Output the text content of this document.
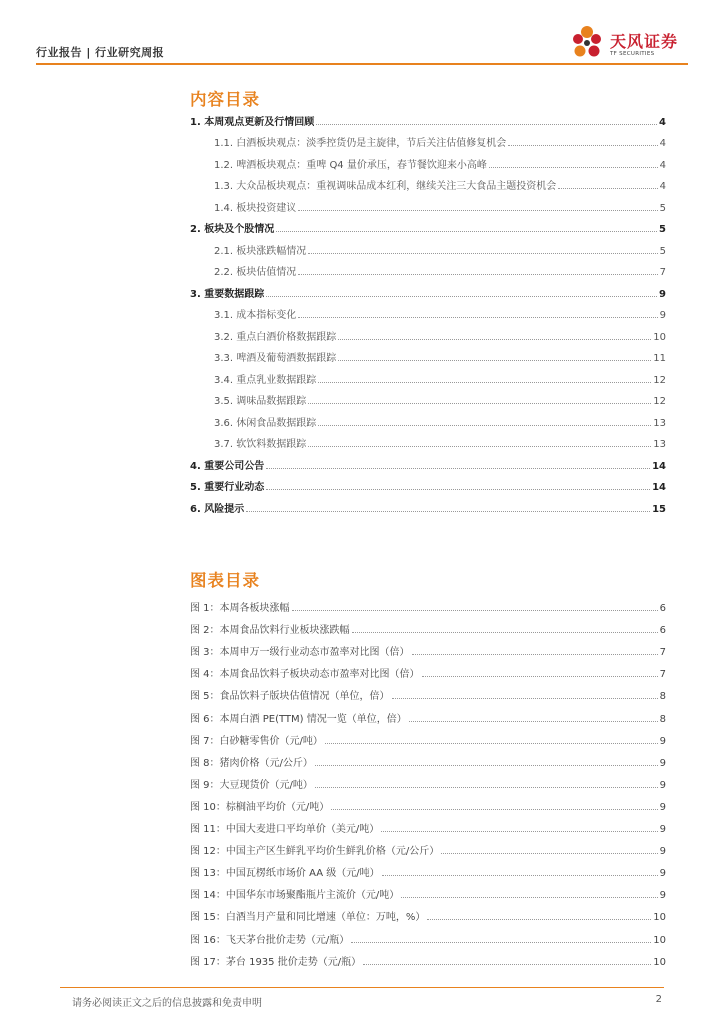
行业报告 | 行业研究周报
天风证券
TF SECURITIES
内容目录
1. 本周观点更新及行情回顾	4
1.1. 白酒板块观点：淡季控货仍是主旋律，节后关注估值修复机会	4
1.2. 啤酒板块观点：重啤 Q4 量价承压，春节餐饮迎来小高峰	4
1.3. 大众品板块观点：重视调味品成本红利，继续关注三大食品主题投资机会	4
1.4. 板块投资建议	5
2. 板块及个股情况	5
2.1. 板块涨跌幅情况	5
2.2. 板块估值情况	7
3. 重要数据跟踪	9
3.1. 成本指标变化	9
3.2. 重点白酒价格数据跟踪	10
3.3. 啤酒及葡萄酒数据跟踪	11
3.4. 重点乳业数据跟踪	12
3.5. 调味品数据跟踪	12
3.6. 休闲食品数据跟踪	13
3.7. 软饮料数据跟踪	13
4. 重要公司公告	14
5. 重要行业动态	14
6. 风险提示	15
图表目录
图 1：本周各板块涨幅	6
图 2：本周食品饮料行业板块涨跌幅	6
图 3：本周申万一级行业动态市盈率对比图（倍）	7
图 4：本周食品饮料子板块动态市盈率对比图（倍）	7
图 5：食品饮料子版块估值情况（单位，倍）	8
图 6：本周白酒 PE(TTM) 情况一览（单位，倍）	8
图 7：白砂糖零售价（元/吨）	9
图 8：猪肉价格（元/公斤）	9
图 9：大豆现货价（元/吨）	9
图 10：棕榈油平均价（元/吨）	9
图 11：中国大麦进口平均单价（美元/吨）	9
图 12：中国主产区生鲜乳平均价生鲜乳价格（元/公斤）	9
图 13：中国瓦楞纸市场价 AA 级（元/吨）	9
图 14：中国华东市场聚酯瓶片主流价（元/吨）	9
图 15：白酒当月产量和同比增速（单位：万吨，%）	10
图 16：飞天茅台批价走势（元/瓶）	10
图 17：茅台 1935 批价走势（元/瓶）	10
请务必阅读正文之后的信息披露和免责申明	2
